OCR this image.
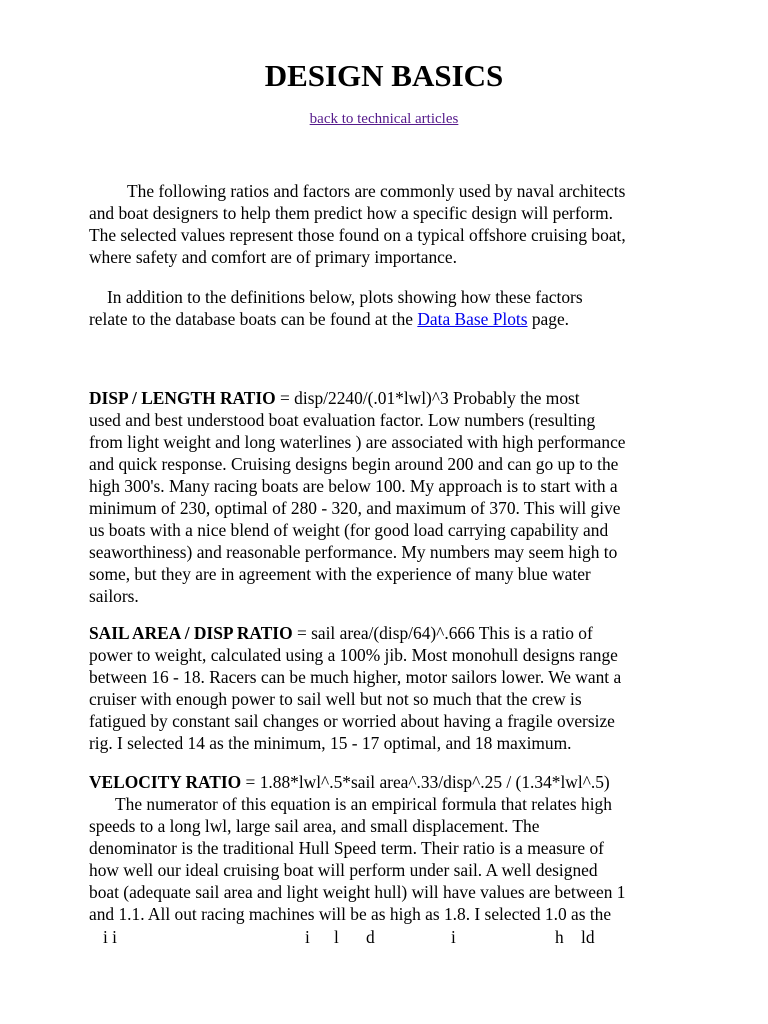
DESIGN BASICS
back to technical articles
The following ratios and factors are commonly used by naval architects
and boat designers to help them predict how a specific design will perform.
The selected values represent those found on a typical offshore cruising boat,
where safety and comfort are of primary importance.
In addition to the definitions below, plots showing how these factors
relate to the database boats can be found at the Data Base Plots page.
DISP / LENGTH RATIO = disp/2240/(.01*lwl)^3 Probably the most
used and best understood boat evaluation factor. Low numbers (resulting
from light weight and long waterlines ) are associated with high performance
and quick response. Cruising designs begin around 200 and can go up to the
high 300's. Many racing boats are below 100. My approach is to start with a
minimum of 230, optimal of 280 - 320, and maximum of 370. This will give
us boats with a nice blend of weight (for good load carrying capability and
seaworthiness) and reasonable performance. My numbers may seem high to
some, but they are in agreement with the experience of many blue water
sailors.
SAIL AREA / DISP RATIO = sail area/(disp/64)^.666 This is a ratio of
power to weight, calculated using a 100% jib. Most monohull designs range
between 16 - 18. Racers can be much higher, motor sailors lower. We want a
cruiser with enough power to sail well but not so much that the crew is
fatigued by constant sail changes or worried about having a fragile oversize
rig. I selected 14 as the minimum, 15 - 17 optimal, and 18 maximum.
VELOCITY RATIO = 1.88*lwl^.5*sail area^.33/disp^.25 / (1.34*lwl^.5)
The numerator of this equation is an empirical formula that relates high
speeds to a long lwl, large sail area, and small displacement. The
denominator is the traditional Hull Speed term. Their ratio is a measure of
how well our ideal cruising boat will perform under sail. A well designed
boat (adequate sail area and light weight hull) will have values are between 1
and 1.1. All out racing machines will be as high as 1.8. I selected 1.0 as the
i i	i l d	i	h ld
